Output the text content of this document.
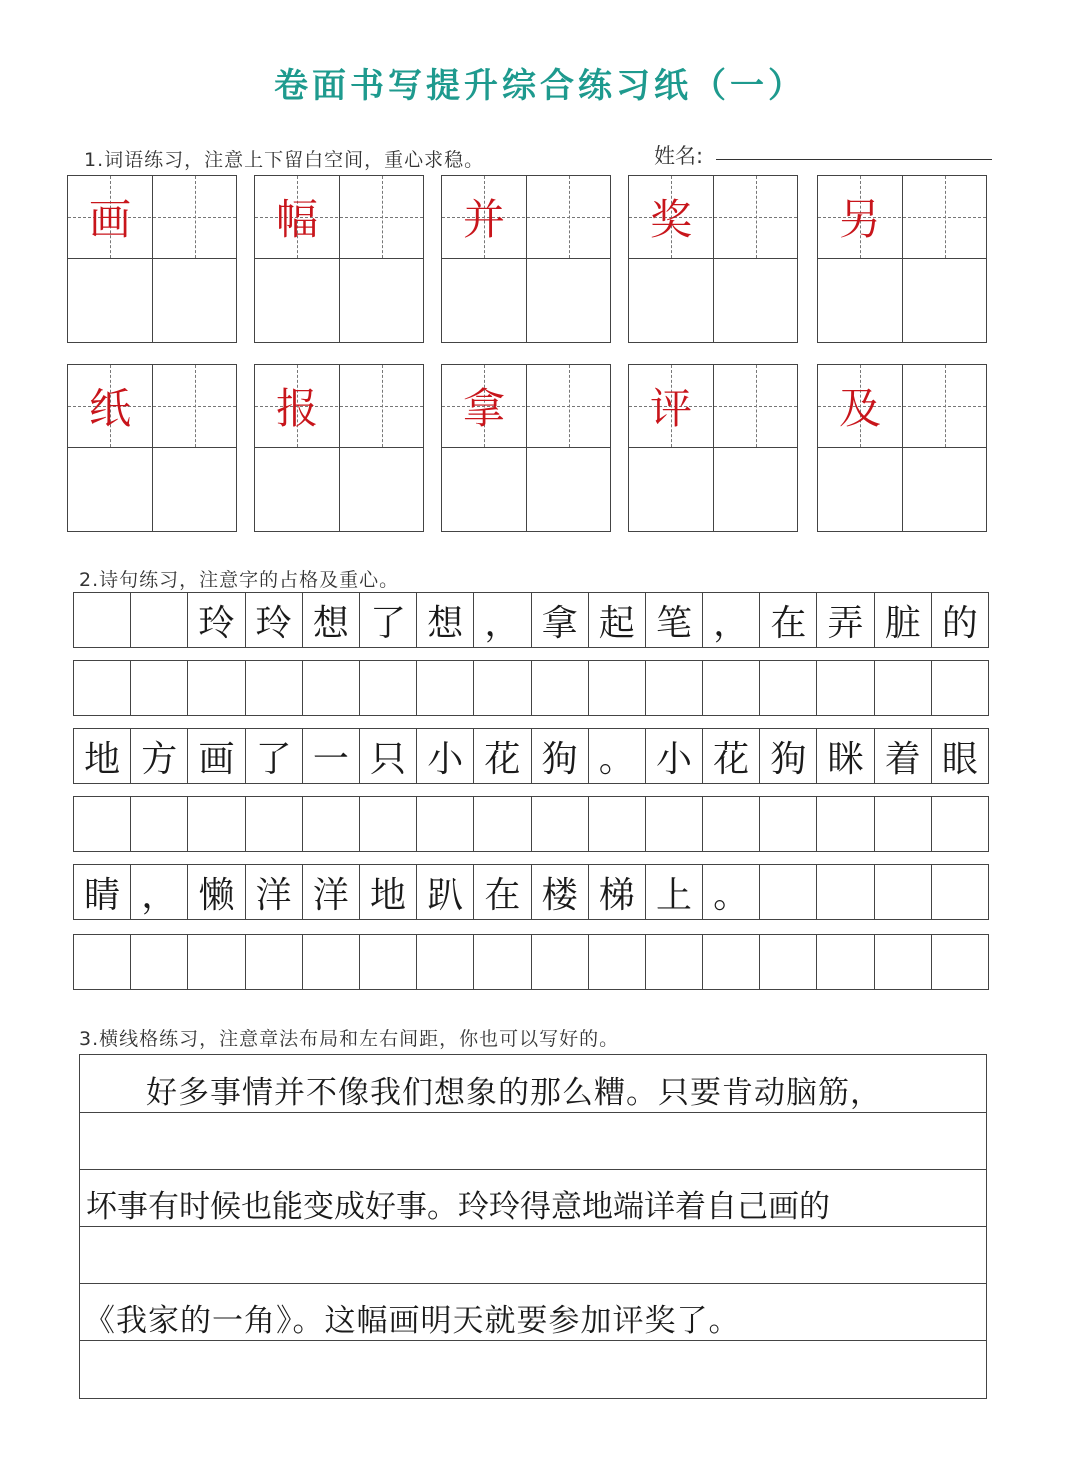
卷面书写提升综合练习纸（一）
1.词语练习，注意上下留白空间，重心求稳。	姓名:
画	幅	并	奖	另
纸	报	拿	评	及
2.诗句练习，注意字的占格及重心。
玲 玲 想 了 想 ， 拿 起 笔 ， 在 弄 脏 的
地 方 画 了 一 只 小 花 狗 。 小 花 狗 眯 着 眼
睛 ， 懒 洋 洋 地 趴 在 楼 梯 上 。
3.横线格练习，注意章法布局和左右间距，你也可以写好的。
好多事情并不像我们想象的那么糟。只要肯动脑筋，
坏事有时候也能变成好事。玲玲得意地端详着自己画的
《我家的一角》。这幅画明天就要参加评奖了。
